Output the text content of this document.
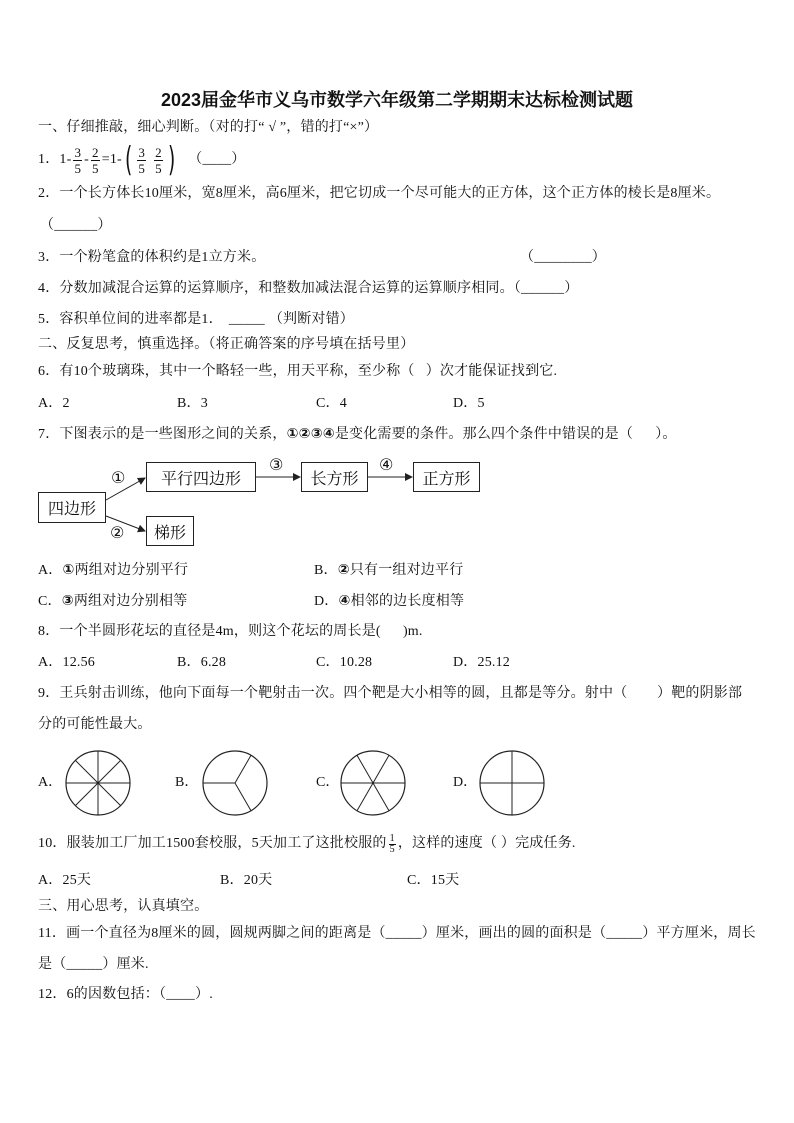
2023届金华市义乌市数学六年级第二学期期末达标检测试题
一、仔细推敲，细心判断。（对的打“ √ ”，错的打“×”）
1． $1- \frac{3}{5} - \frac{2}{5} =1-$ ( $\frac{3}{5} \frac{2}{5}$ ) （____）
2．一个长方体长10厘米，宽8厘米，高6厘米，把它切成一个尽可能大的正方体，这个正方体的棱长是8厘米。
（______）
3．一个粉笔盒的体积约是1立方米。	（________）
4．分数加减混合运算的运算顺序，和整数加减法混合运算的运算顺序相同。（______）
5．容积单位间的进率都是1． _____ （判断对错）
二、反复思考，慎重选择。（将正确答案的序号填在括号里）
6．有10个玻璃珠，其中一个略轻一些，用天平称，至少称（   ）次才能保证找到它.
A．2	B．3	C．4	D．5
7．下图表示的是一些图形之间的关系，①②③④是变化需要的条件。那么四个条件中错误的是（      ）。
四边形
平行四边形	长方形	正方形
梯形
①
②
③	④
A．①两组对边分别平行	B．②只有一组对边平行
C．③两组对边分别相等	D．④相邻的边长度相等
8．一个半圆形花坛的直径是4m，则这个花坛的周长是(      )m.
A．12.56	B．6.28	C．10.28	D．25.12
9．王兵射击训练，他向下面每一个靶射击一次。四个靶是大小相等的圆，且都是等分。射中（        ）靶的阴影部
分的可能性最大。
A．	B．	C．	D．
10．服装加工厂加工1500套校服，5天加工了这批校服的 $\frac{1}{5}$ ，这样的速度（ ）完成任务.
A．25天	B．20天	C．15天
三、用心思考，认真填空。
11．画一个直径为8厘米的圆，圆规两脚之间的距离是（_____）厘米，画出的圆的面积是（_____）平方厘米，周长
是（_____）厘米.
12．6的因数包括：（____）.
